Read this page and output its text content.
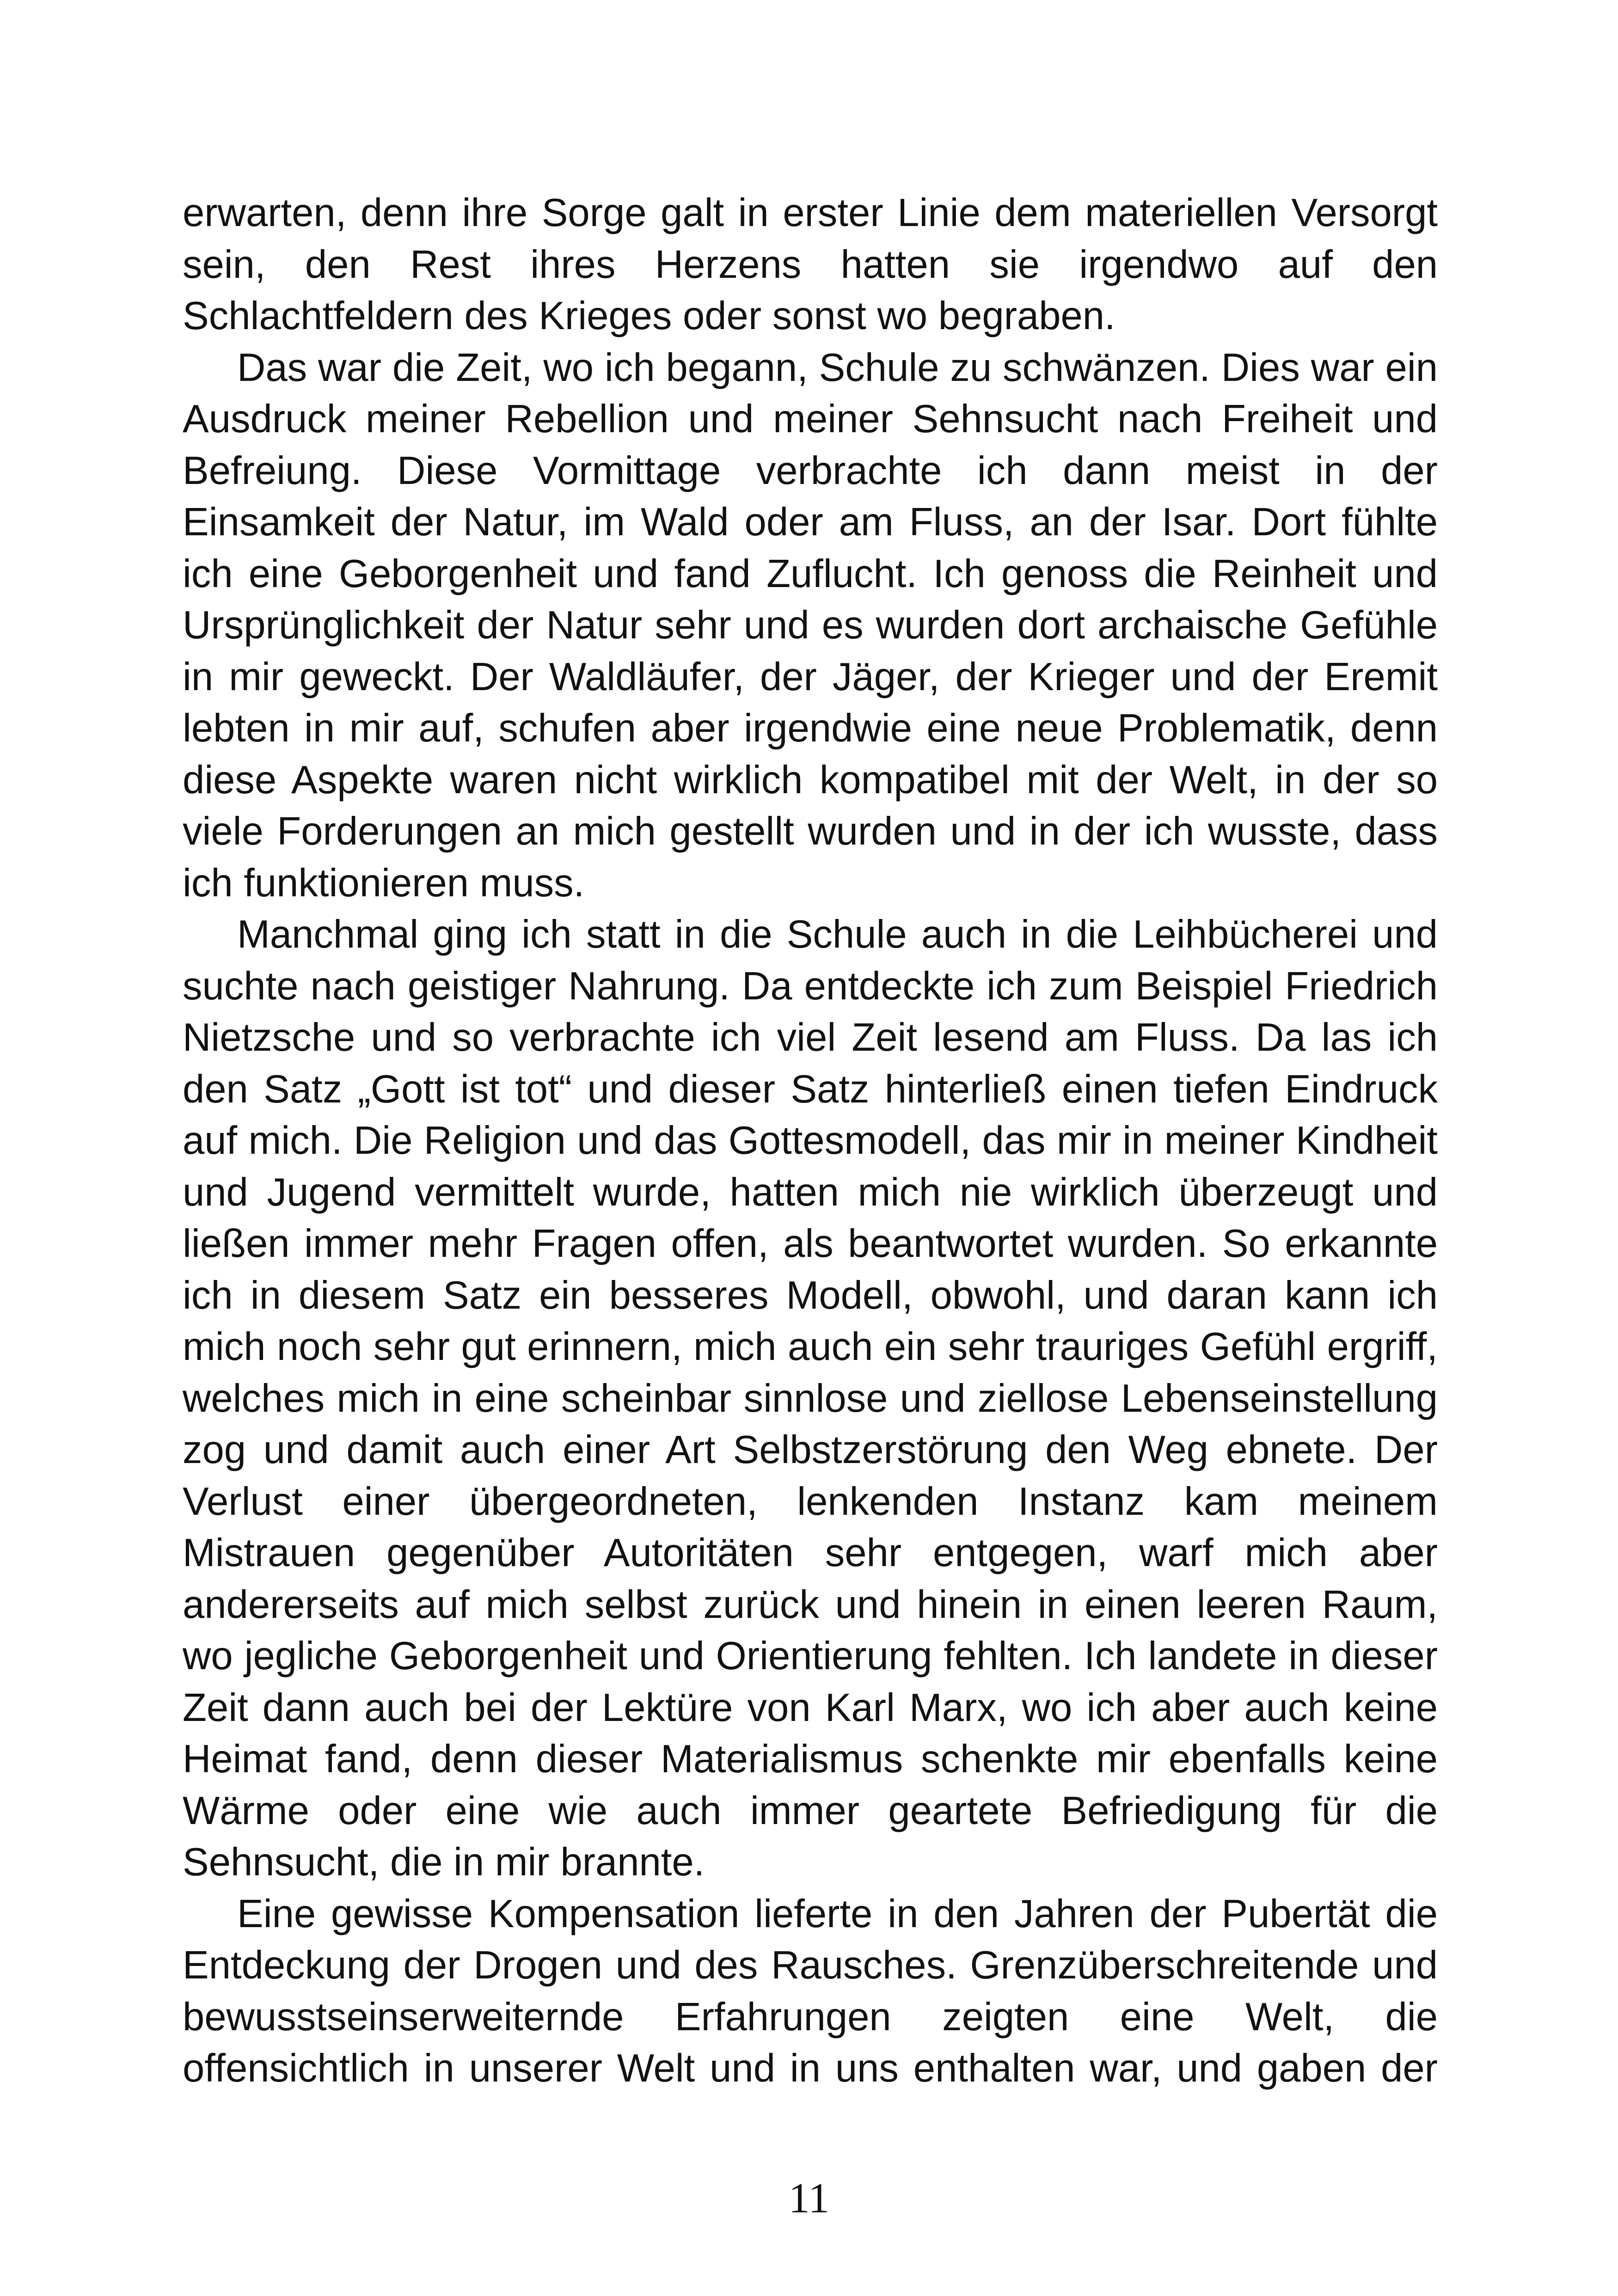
erwarten, denn ihre Sorge galt in erster Linie dem materiellen Versorgt sein, den Rest ihres Herzens hatten sie irgendwo auf den Schlachtfeldern des Krieges oder sonst wo begraben.

Das war die Zeit, wo ich begann, Schule zu schwänzen. Dies war ein Ausdruck meiner Rebellion und meiner Sehnsucht nach Freiheit und Befreiung. Diese Vormittage verbrachte ich dann meist in der Einsamkeit der Natur, im Wald oder am Fluss, an der Isar. Dort fühlte ich eine Geborgenheit und fand Zuflucht. Ich genoss die Reinheit und Ursprünglichkeit der Natur sehr und es wurden dort archaische Gefühle in mir geweckt. Der Waldläufer, der Jäger, der Krieger und der Eremit lebten in mir auf, schufen aber irgendwie eine neue Problematik, denn diese Aspekte waren nicht wirklich kompatibel mit der Welt, in der so viele Forderungen an mich gestellt wurden und in der ich wusste, dass ich funktionieren muss.

Manchmal ging ich statt in die Schule auch in die Leihbücherei und suchte nach geistiger Nahrung. Da entdeckte ich zum Beispiel Friedrich Nietzsche und so verbrachte ich viel Zeit lesend am Fluss. Da las ich den Satz „Gott ist tot“ und dieser Satz hinterließ einen tiefen Eindruck auf mich. Die Religion und das Gottesmodell, das mir in meiner Kindheit und Jugend vermittelt wurde, hatten mich nie wirklich überzeugt und ließen immer mehr Fragen offen, als beantwortet wurden. So erkannte ich in diesem Satz ein besseres Modell, obwohl, und daran kann ich mich noch sehr gut erinnern, mich auch ein sehr trauriges Gefühl ergriff, welches mich in eine scheinbar sinnlose und ziellose Lebenseinstellung zog und damit auch einer Art Selbstzerstörung den Weg ebnete. Der Verlust einer übergeordneten, lenkenden Instanz kam meinem Mistrauen gegenüber Autoritäten sehr entgegen, warf mich aber andererseits auf mich selbst zurück und hinein in einen leeren Raum, wo jegliche Geborgenheit und Orientierung fehlten. Ich landete in dieser Zeit dann auch bei der Lektüre von Karl Marx, wo ich aber auch keine Heimat fand, denn dieser Materialismus schenkte mir ebenfalls keine Wärme oder eine wie auch immer geartete Befriedigung für die Sehnsucht, die in mir brannte.

Eine gewisse Kompensation lieferte in den Jahren der Pubertät die Entdeckung der Drogen und des Rausches. Grenzüberschreitende und bewusstseinserweiternde Erfahrungen zeigten eine Welt, die offensichtlich in unserer Welt und in uns enthalten war, und gaben der

11
